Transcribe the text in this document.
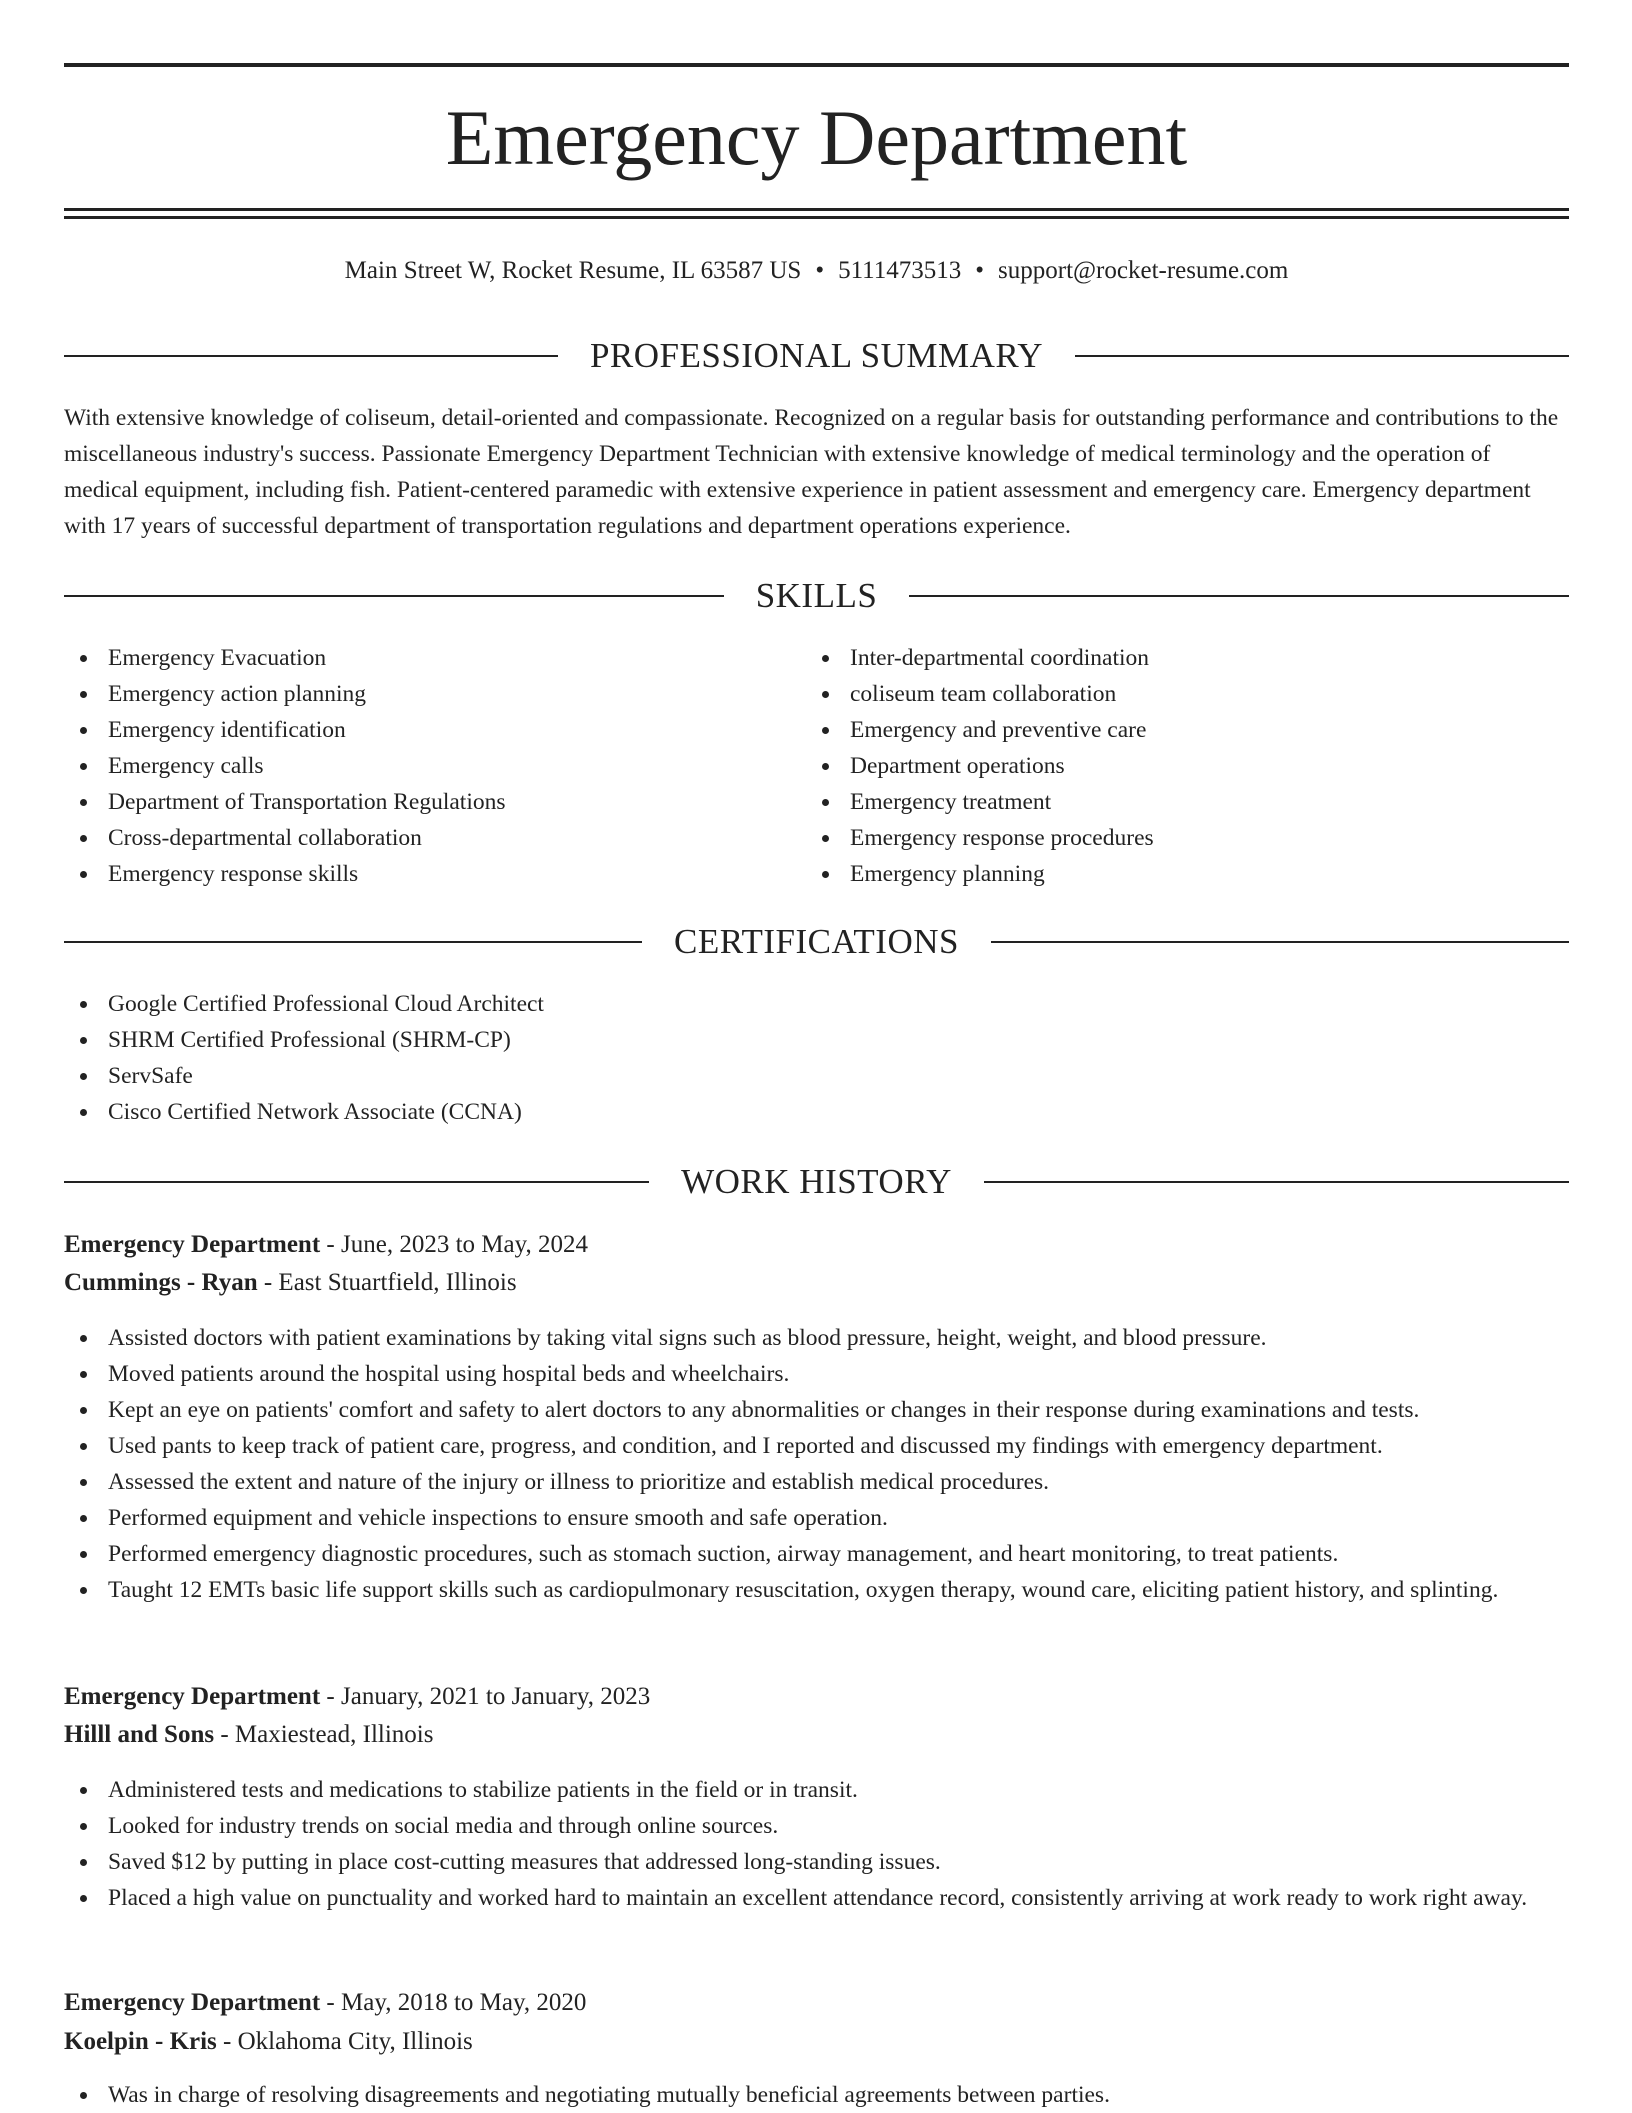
Emergency Department
Main Street W, Rocket Resume, IL 63587 US • 5111473513 • support@rocket-resume.com
PROFESSIONAL SUMMARY

With extensive knowledge of coliseum, detail-oriented and compassionate. Recognized on a regular basis for outstanding performance and contributions to the miscellaneous industry's success. Passionate Emergency Department Technician with extensive knowledge of medical terminology and the operation of medical equipment, including fish. Patient-centered paramedic with extensive experience in patient assessment and emergency care. Emergency department with 17 years of successful department of transportation regulations and department operations experience.

SKILLS
Emergency Evacuation
Emergency action planning
Emergency identification
Emergency calls
Department of Transportation Regulations
Cross-departmental collaboration
Emergency response skills
Inter-departmental coordination
coliseum team collaboration
Emergency and preventive care
Department operations
Emergency treatment
Emergency response procedures
Emergency planning
CERTIFICATIONS
Google Certified Professional Cloud Architect
SHRM Certified Professional (SHRM-CP)
ServSafe
Cisco Certified Network Associate (CCNA)
WORK HISTORY
Emergency Department - June, 2023 to May, 2024
Cummings - Ryan - East Stuartfield, Illinois
Assisted doctors with patient examinations by taking vital signs such as blood pressure, height, weight, and blood pressure.
Moved patients around the hospital using hospital beds and wheelchairs.
Kept an eye on patients' comfort and safety to alert doctors to any abnormalities or changes in their response during examinations and tests.
Used pants to keep track of patient care, progress, and condition, and I reported and discussed my findings with emergency department.
Assessed the extent and nature of the injury or illness to prioritize and establish medical procedures.
Performed equipment and vehicle inspections to ensure smooth and safe operation.
Performed emergency diagnostic procedures, such as stomach suction, airway management, and heart monitoring, to treat patients.
Taught 12 EMTs basic life support skills such as cardiopulmonary resuscitation, oxygen therapy, wound care, eliciting patient history, and splinting.
Emergency Department - January, 2021 to January, 2023
Hilll and Sons - Maxiestead, Illinois
Administered tests and medications to stabilize patients in the field or in transit.
Looked for industry trends on social media and through online sources.
Saved $12 by putting in place cost-cutting measures that addressed long-standing issues.
Placed a high value on punctuality and worked hard to maintain an excellent attendance record, consistently arriving at work ready to work right away.
Emergency Department - May, 2018 to May, 2020
Koelpin - Kris - Oklahoma City, Illinois
Was in charge of resolving disagreements and negotiating mutually beneficial agreements between parties.
